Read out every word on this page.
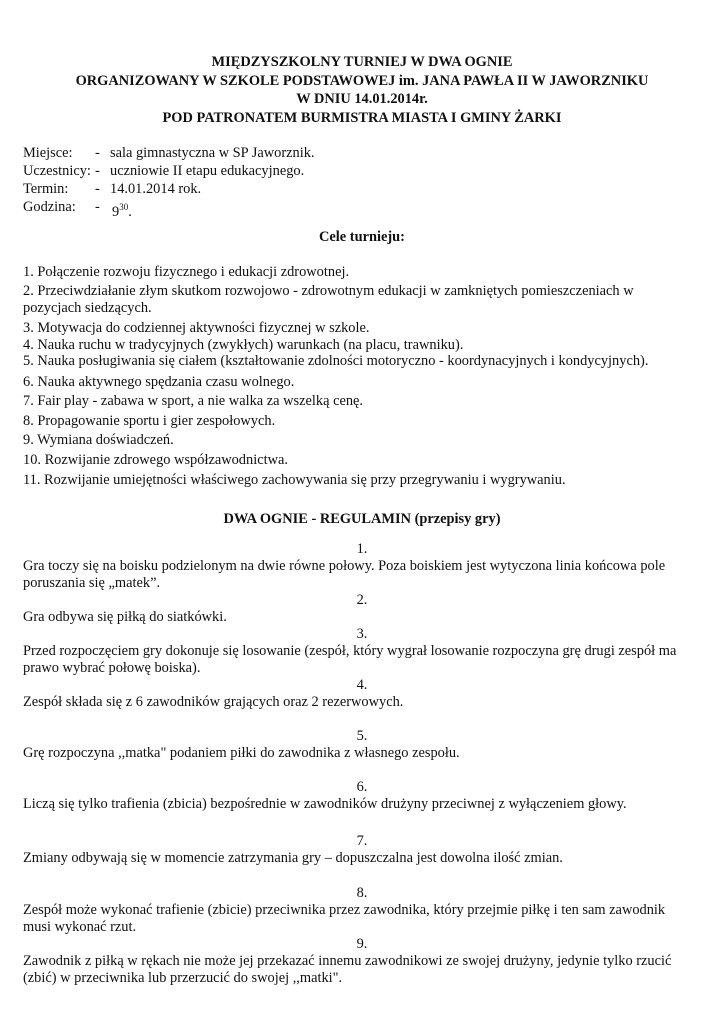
MIĘDZYSZKOLNY TURNIEJ W DWA OGNIE
ORGANIZOWANY W SZKOLE PODSTAWOWEJ im. JANA PAWŁA II W JAWORZNIKU
W DNIU 14.01.2014r.
POD PATRONATEM BURMISTRA MIASTA I GMINY ŻARKI
Miejsce: - sala gimnastyczna w SP Jaworznik.
Uczestnicy: - uczniowie II etapu edukacyjnego.
Termin: - 14.01.2014 rok.
Godzina: - $9^{30}$.
Cele turnieju:
1. Połączenie rozwoju fizycznego i edukacji zdrowotnej.
2. Przeciwdziałanie złym skutkom rozwojowo - zdrowotnym edukacji w zamkniętych pomieszczeniach w
pozycjach siedzących.
3. Motywacja do codziennej aktywności fizycznej w szkole.
4. Nauka ruchu w tradycyjnych (zwykłych) warunkach (na placu, trawniku).
5. Nauka posługiwania się ciałem (kształtowanie zdolności motoryczno - koordynacyjnych i kondycyjnych).
6. Nauka aktywnego spędzania czasu wolnego.
7. Fair play - zabawa w sport, a nie walka za wszelką cenę.
8. Propagowanie sportu i gier zespołowych.
9. Wymiana doświadczeń.
10. Rozwijanie zdrowego współzawodnictwa.
11. Rozwijanie umiejętności właściwego zachowywania się przy przegrywaniu i wygrywaniu.
DWA OGNIE - REGULAMIN (przepisy gry)
1.
Gra toczy się na boisku podzielonym na dwie równe połowy. Poza boiskiem jest wytyczona linia końcowa pole
poruszania się „matek”.
2.
Gra odbywa się piłką do siatkówki.
3.
Przed rozpoczęciem gry dokonuje się losowanie (zespół, który wygrał losowanie rozpoczyna grę drugi zespół ma
prawo wybrać połowę boiska).
4.
Zespół składa się z 6 zawodników grających oraz 2 rezerwowych.
5.
Grę rozpoczyna ,,matka" podaniem piłki do zawodnika z własnego zespołu.
6.
Liczą się tylko trafienia (zbicia) bezpośrednie w zawodników drużyny przeciwnej z wyłączeniem głowy.
7.
Zmiany odbywają się w momencie zatrzymania gry – dopuszczalna jest dowolna ilość zmian.
8.
Zespół może wykonać trafienie (zbicie) przeciwnika przez zawodnika, który przejmie piłkę i ten sam zawodnik
musi wykonać rzut.
9.
Zawodnik z piłką w rękach nie może jej przekazać innemu zawodnikowi ze swojej drużyny, jedynie tylko rzucić
(zbić) w przeciwnika lub przerzucić do swojej ,,matki".
